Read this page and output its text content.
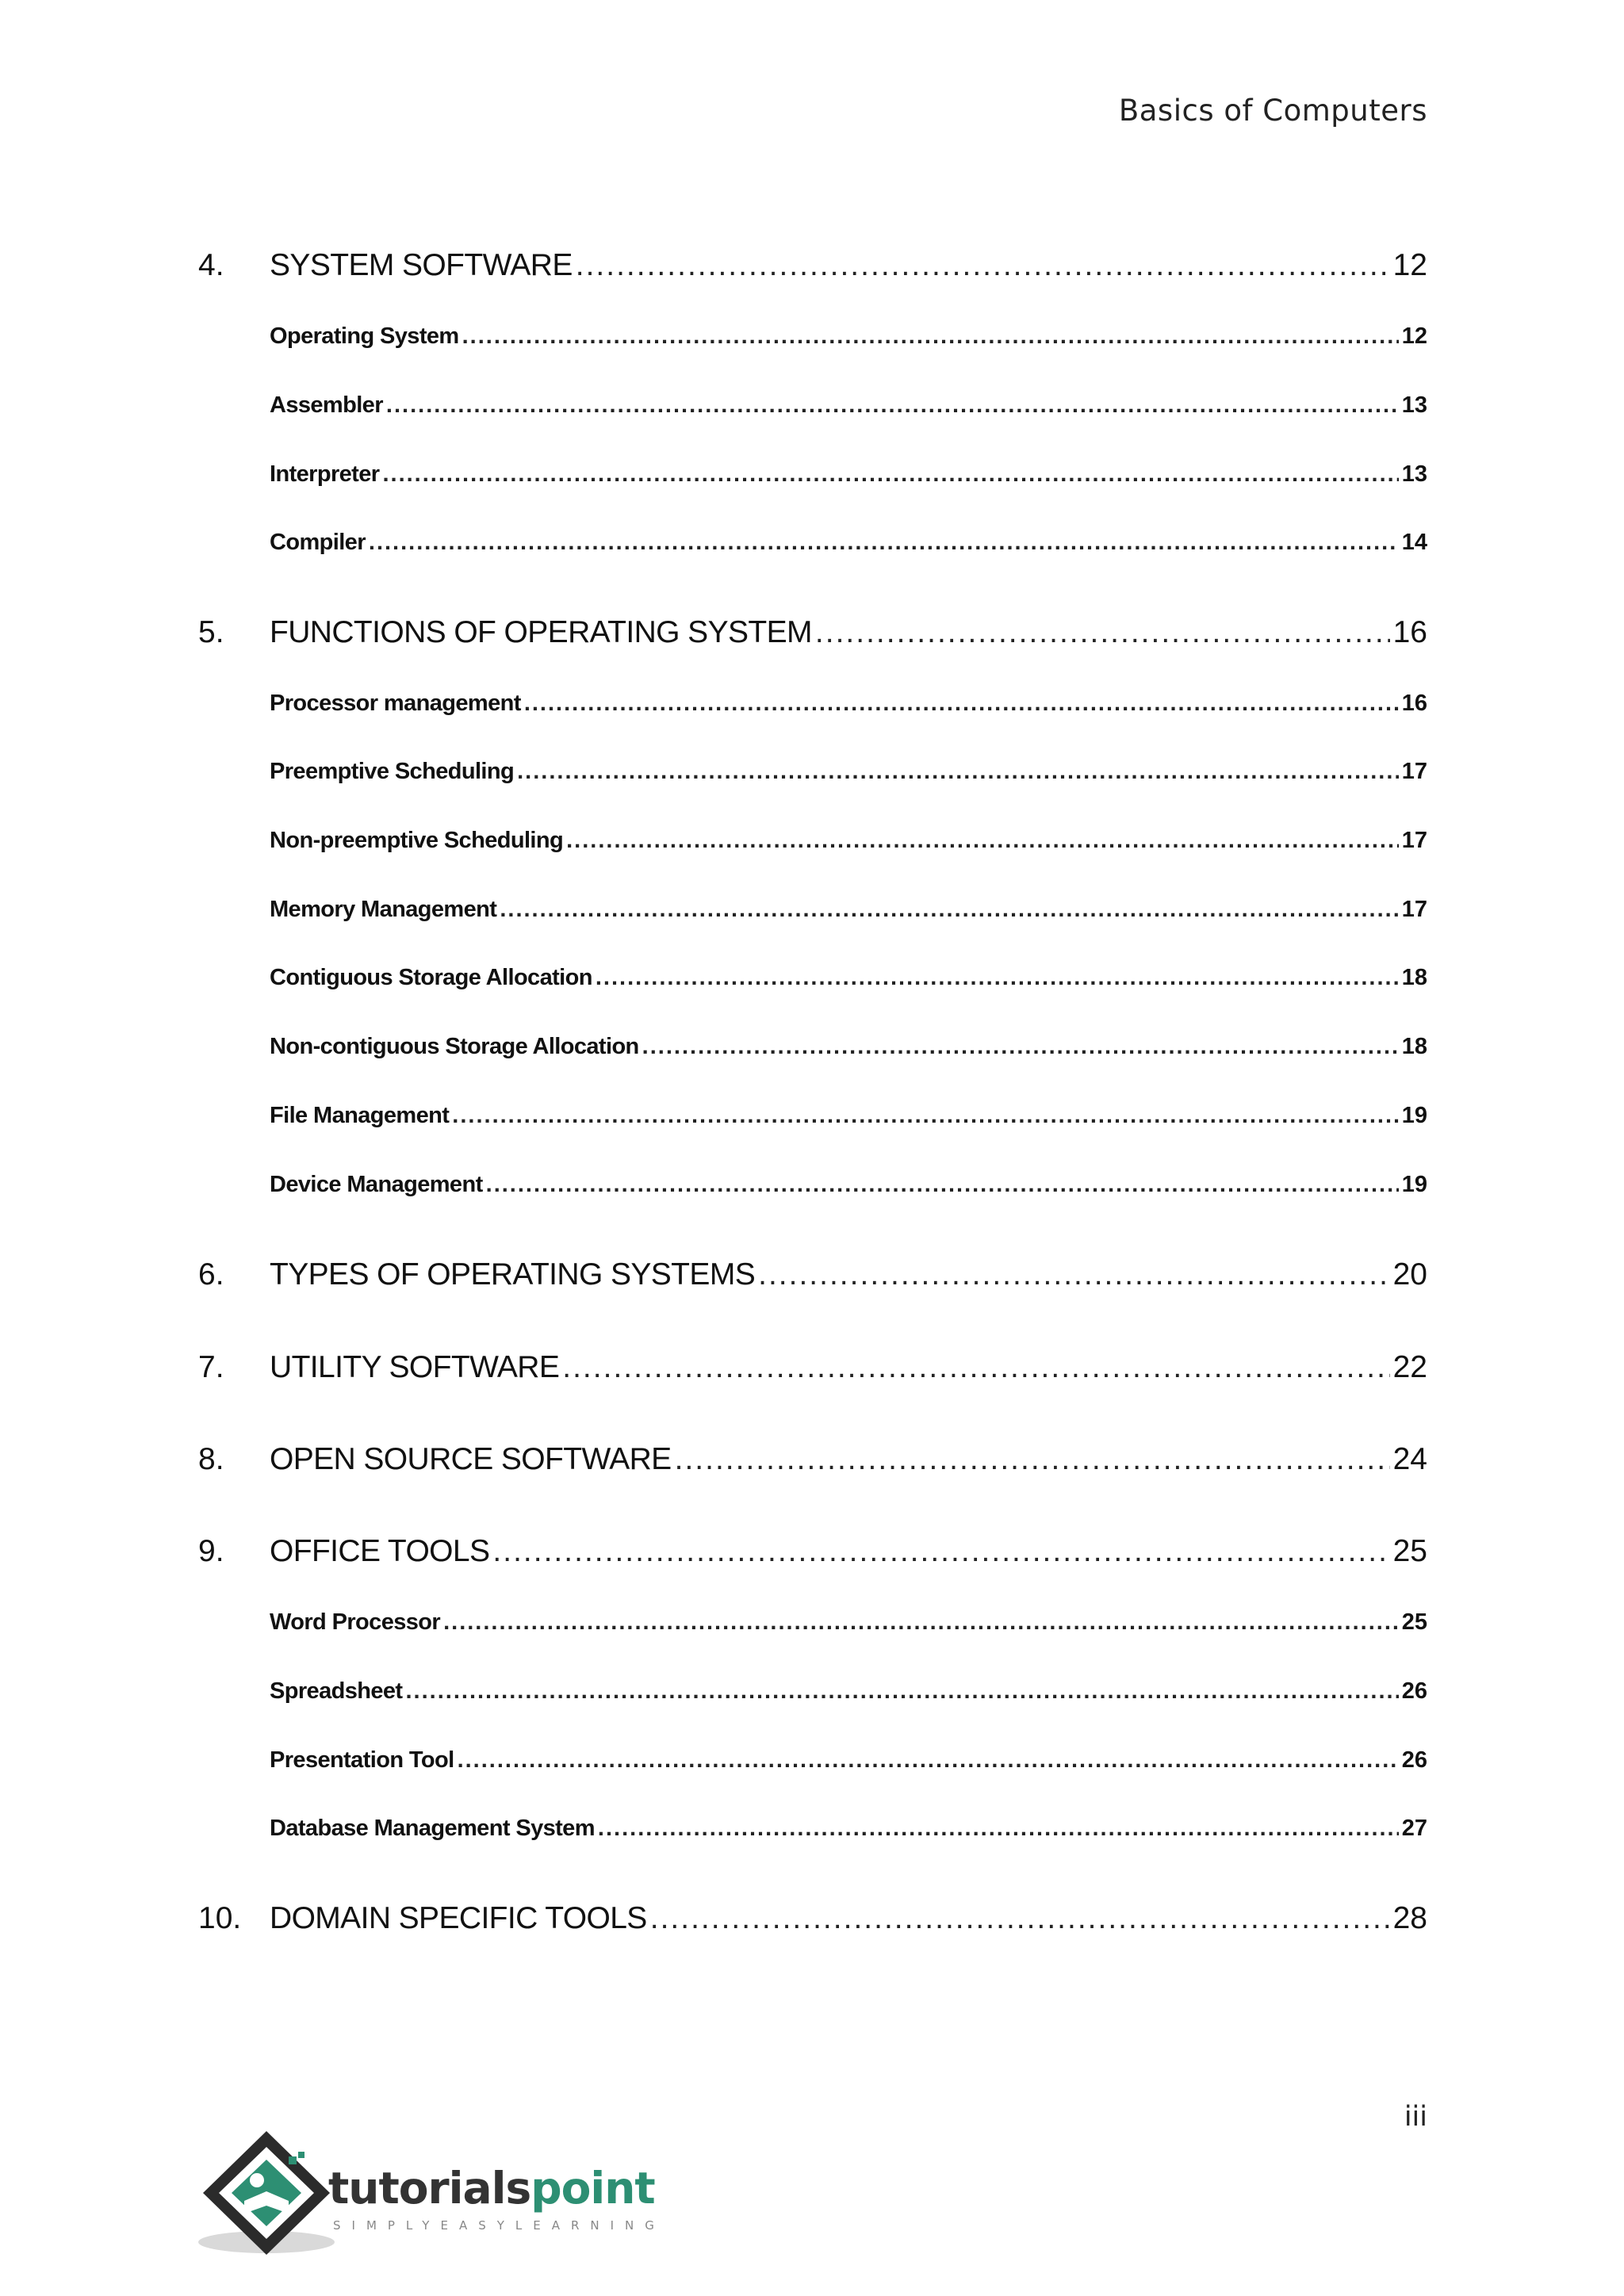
Basics of Computers
4. SYSTEM SOFTWARE .....	12
Operating System .....	12
Assembler .....	13
Interpreter .....	13
Compiler .....	14
5. FUNCTIONS OF OPERATING SYSTEM .....	16
Processor management .....	16
Preemptive Scheduling .....	17
Non-preemptive Scheduling .....	17
Memory Management .....	17
Contiguous Storage Allocation .....	18
Non-contiguous Storage Allocation .....	18
File Management .....	19
Device Management .....	19
6. TYPES OF OPERATING SYSTEMS .....	20
7. UTILITY SOFTWARE .....	22
8. OPEN SOURCE SOFTWARE .....	24
9. OFFICE TOOLS .....	25
Word Processor .....	25
Spreadsheet .....	26
Presentation Tool .....	26
Database Management System .....	27
10. DOMAIN SPECIFIC TOOLS .....	28
iii
tutorialspoint
SIMPLYEASYLEARNING
